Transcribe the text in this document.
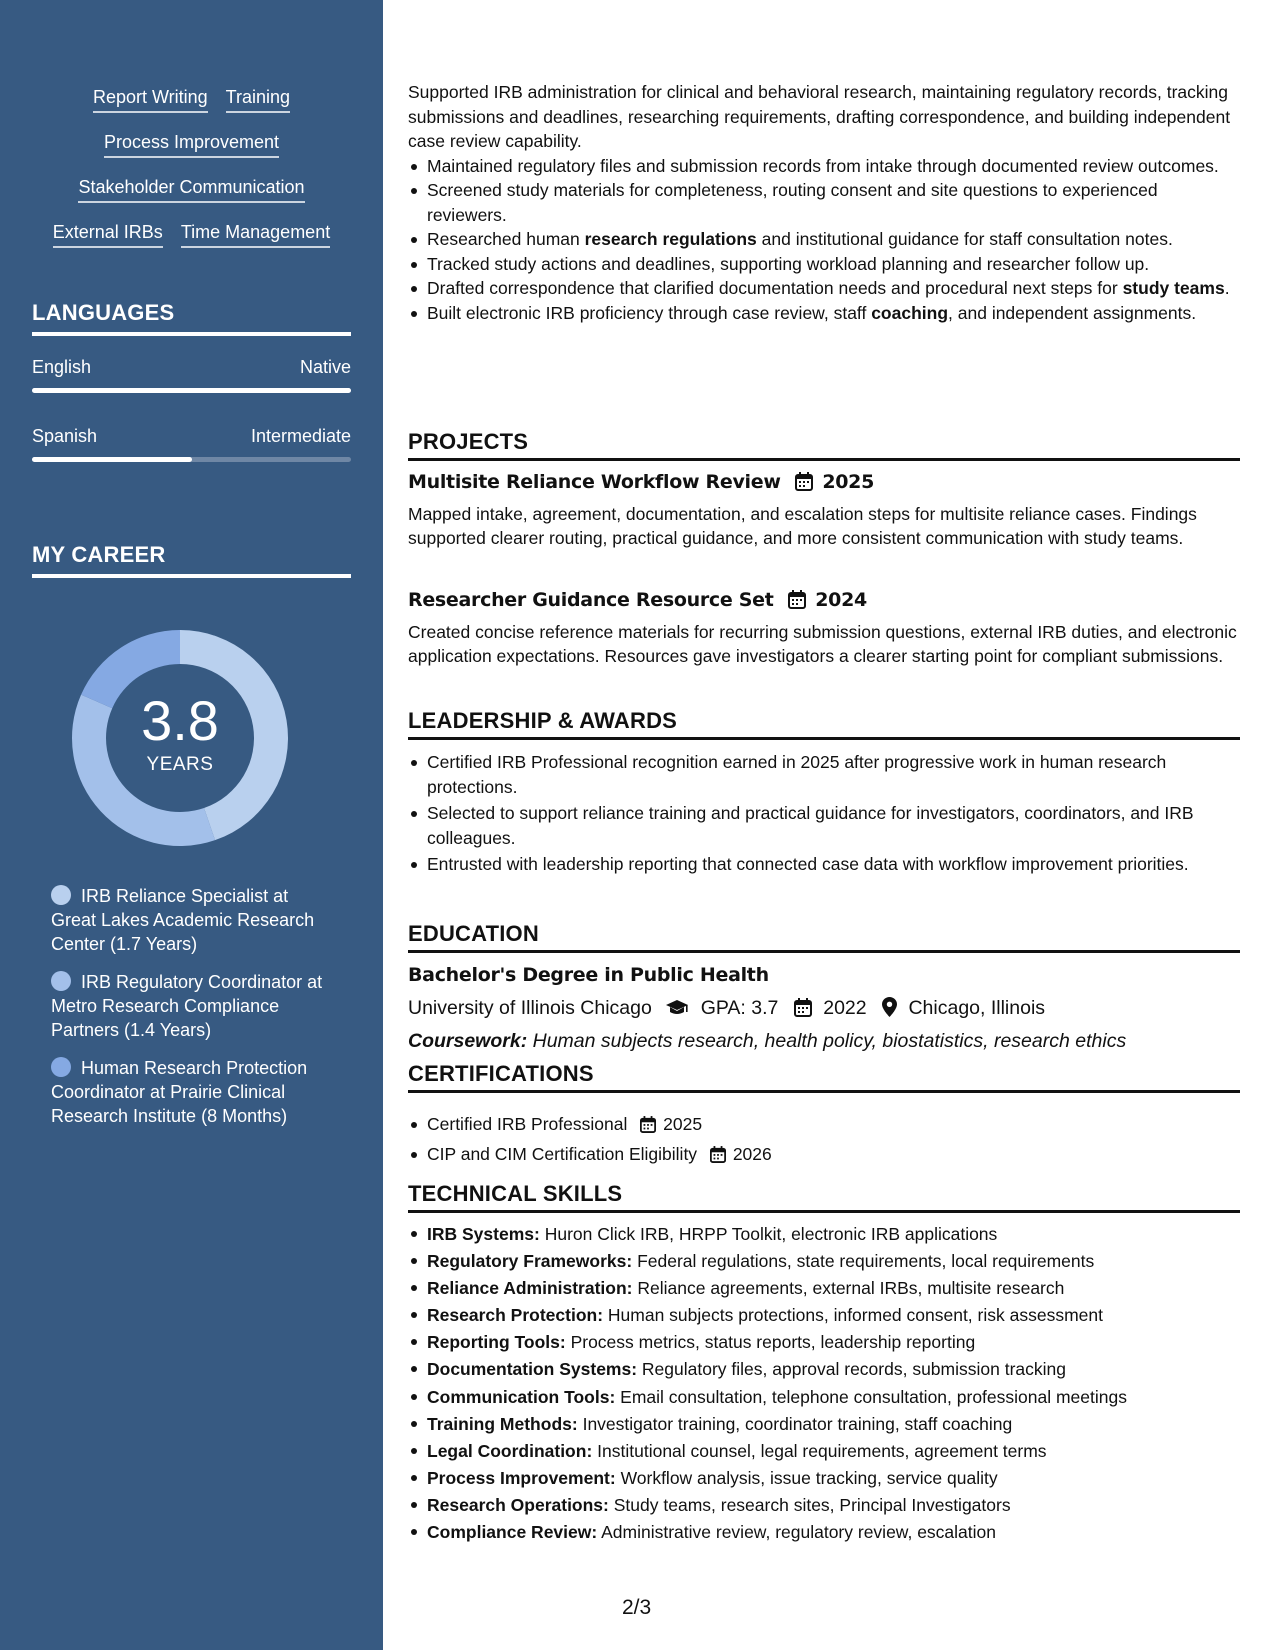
Report Writing Training
Process Improvement
Stakeholder Communication
External IRBs Time Management
LANGUAGES
English	Native
Spanish	Intermediate
MY CAREER
3.8
YEARS
IRB Reliance Specialist at Great Lakes Academic Research Center (1.7 Years)
IRB Regulatory Coordinator at Metro Research Compliance Partners (1.4 Years)
Human Research Protection Coordinator at Prairie Clinical Research Institute (8 Months)

Supported IRB administration for clinical and behavioral research, maintaining regulatory records, tracking submissions and deadlines, researching requirements, drafting correspondence, and building independent case review capability.

Maintained regulatory files and submission records from intake through documented review outcomes.
Screened study materials for completeness, routing consent and site questions to experienced reviewers.
Researched human research regulations and institutional guidance for staff consultation notes.
Tracked study actions and deadlines, supporting workload planning and researcher follow up.
Drafted correspondence that clarified documentation needs and procedural next steps for study teams.
Built electronic IRB proficiency through case review, staff coaching, and independent assignments.
PROJECTS
Multisite Reliance Workflow Review 2025

Mapped intake, agreement, documentation, and escalation steps for multisite reliance cases. Findings supported clearer routing, practical guidance, and more consistent communication with study teams.

Researcher Guidance Resource Set 2024

Created concise reference materials for recurring submission questions, external IRB duties, and electronic application expectations. Resources gave investigators a clearer starting point for compliant submissions.

LEADERSHIP & AWARDS
Certified IRB Professional recognition earned in 2025 after progressive work in human research protections.
Selected to support reliance training and practical guidance for investigators, coordinators, and IRB colleagues.
Entrusted with leadership reporting that connected case data with workflow improvement priorities.
EDUCATION
Bachelor's Degree in Public Health
University of Illinois Chicago	GPA: 3.7 2022 Chicago, Illinois
Coursework: Human subjects research, health policy, biostatistics, research ethics
CERTIFICATIONS
Certified IRB Professional 2025
CIP and CIM Certification Eligibility 2026
TECHNICAL SKILLS
IRB Systems: Huron Click IRB, HRPP Toolkit, electronic IRB applications
Regulatory Frameworks: Federal regulations, state requirements, local requirements
Reliance Administration: Reliance agreements, external IRBs, multisite research
Research Protection: Human subjects protections, informed consent, risk assessment
Reporting Tools: Process metrics, status reports, leadership reporting
Documentation Systems: Regulatory files, approval records, submission tracking
Communication Tools: Email consultation, telephone consultation, professional meetings
Training Methods: Investigator training, coordinator training, staff coaching
Legal Coordination: Institutional counsel, legal requirements, agreement terms
Process Improvement: Workflow analysis, issue tracking, service quality
Research Operations: Study teams, research sites, Principal Investigators
Compliance Review: Administrative review, regulatory review, escalation
2/3
